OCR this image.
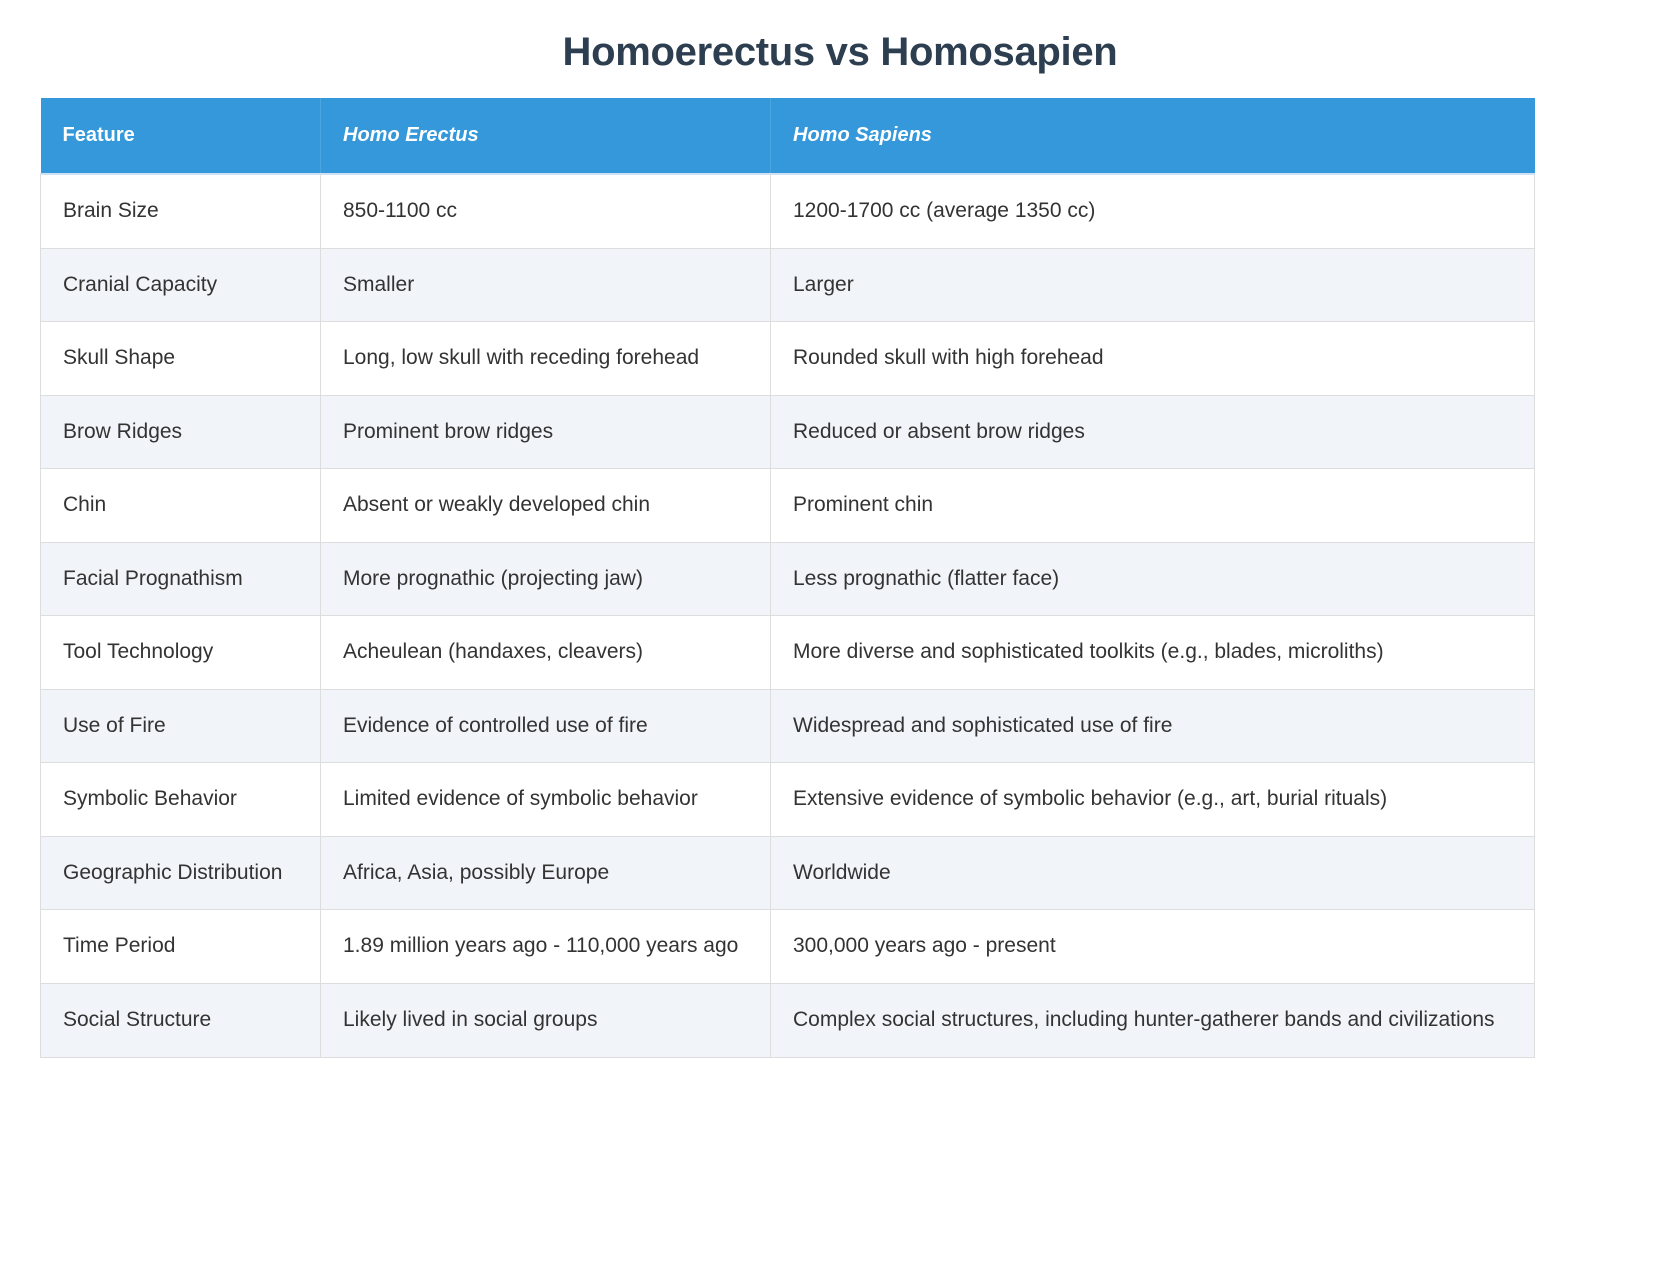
Homoerectus vs Homosapien
Feature	Homo Erectus	Homo Sapiens
Brain Size	850-1100 cc	1200-1700 cc (average 1350 cc)
Cranial Capacity	Smaller	Larger
Skull Shape	Long, low skull with receding forehead	Rounded skull with high forehead
Brow Ridges	Prominent brow ridges	Reduced or absent brow ridges
Chin	Absent or weakly developed chin	Prominent chin
Facial Prognathism	More prognathic (projecting jaw)	Less prognathic (flatter face)
Tool Technology	Acheulean (handaxes, cleavers)	More diverse and sophisticated toolkits (e.g., blades, microliths)
Use of Fire	Evidence of controlled use of fire	Widespread and sophisticated use of fire
Symbolic Behavior	Limited evidence of symbolic behavior	Extensive evidence of symbolic behavior (e.g., art, burial rituals)
Geographic Distribution	Africa, Asia, possibly Europe	Worldwide
Time Period	1.89 million years ago - 110,000 years ago	300,000 years ago - present
Social Structure	Likely lived in social groups	Complex social structures, including hunter-gatherer bands and civilizations
